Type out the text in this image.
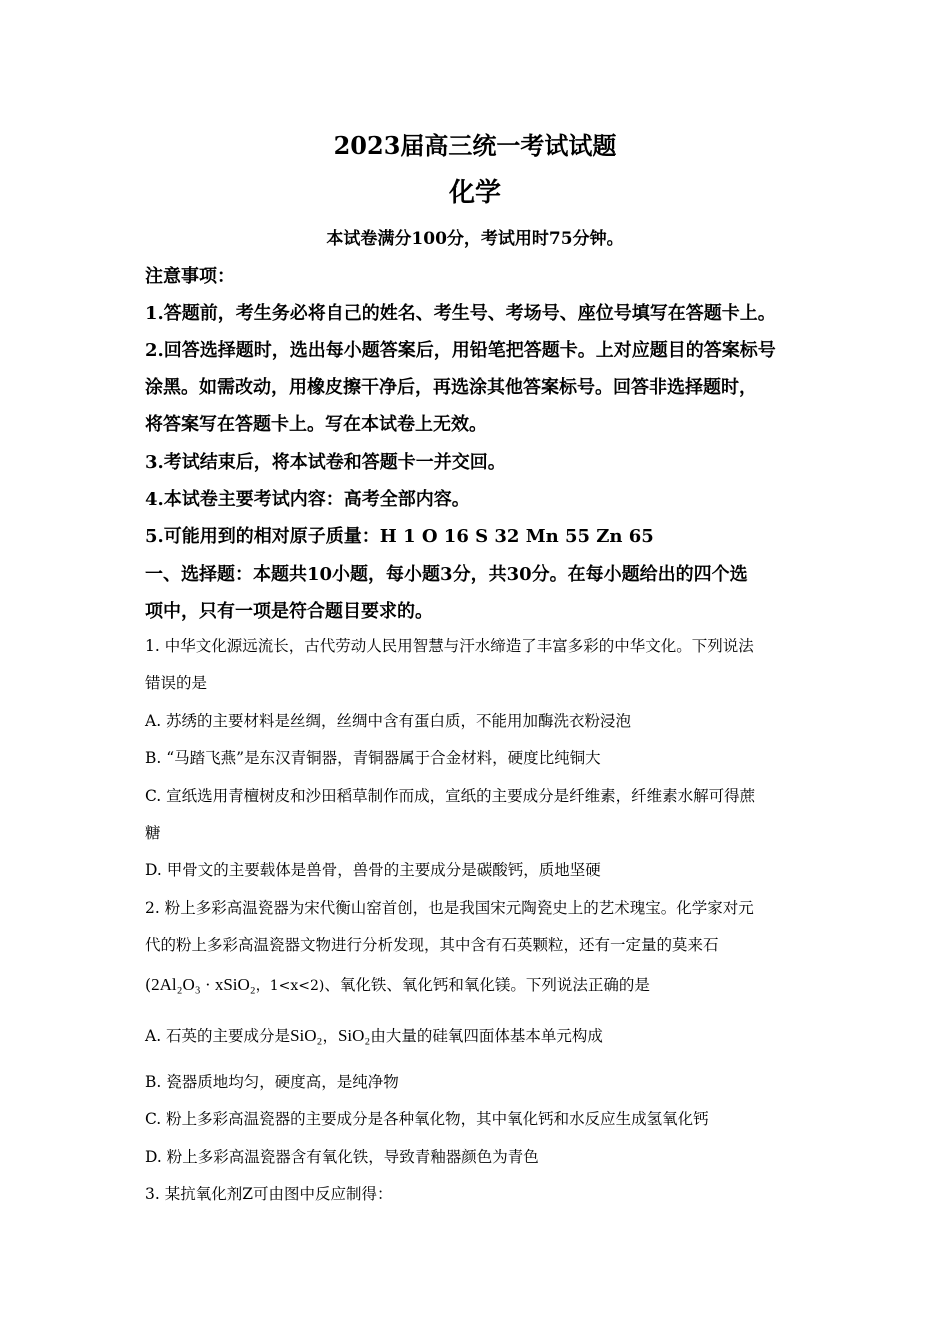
2023届高三统一考试试题
化学
本试卷满分100分，考试用时75分钟。
注意事项：
1.答题前，考生务必将自己的姓名、考生号、考场号、座位号填写在答题卡上。
2.回答选择题时，选出每小题答案后，用铅笔把答题卡。上对应题目的答案标号
涂黑。如需改动，用橡皮擦干净后，再选涂其他答案标号。回答非选择题时，
将答案写在答题卡上。写在本试卷上无效。
3.考试结束后，将本试卷和答题卡一并交回。
4.本试卷主要考试内容：高考全部内容。
5.可能用到的相对原子质量：H 1 O 16 S 32 Mn 55 Zn 65
一、选择题：本题共10小题，每小题3分，共30分。在每小题给出的四个选
项中，只有一项是符合题目要求的。
1. 中华文化源远流长，古代劳动人民用智慧与汗水缔造了丰富多彩的中华文化。下列说法
错误的是
A. 苏绣的主要材料是丝绸，丝绸中含有蛋白质，不能用加酶洗衣粉浸泡
B. “马踏飞燕”是东汉青铜器，青铜器属于合金材料，硬度比纯铜大
C. 宣纸选用青檀树皮和沙田稻草制作而成，宣纸的主要成分是纤维素，纤维素水解可得蔗
糖
D. 甲骨文的主要载体是兽骨，兽骨的主要成分是碳酸钙，质地坚硬
2. 粉上多彩高温瓷器为宋代衡山窑首创，也是我国宋元陶瓷史上的艺术瑰宝。化学家对元
代的粉上多彩高温瓷器文物进行分析发现，其中含有石英颗粒，还有一定量的莫来石
(2Al₂O₃ · xSiO₂，1<x<2)、氧化铁、氧化钙和氧化镁。下列说法正确的是
A. 石英的主要成分是SiO₂，SiO₂由大量的硅氧四面体基本单元构成
B. 瓷器质地均匀，硬度高，是纯净物
C. 粉上多彩高温瓷器的主要成分是各种氧化物，其中氧化钙和水反应生成氢氧化钙
D. 粉上多彩高温瓷器含有氧化铁，导致青釉器颜色为青色
3. 某抗氧化剂Z可由图中反应制得：
